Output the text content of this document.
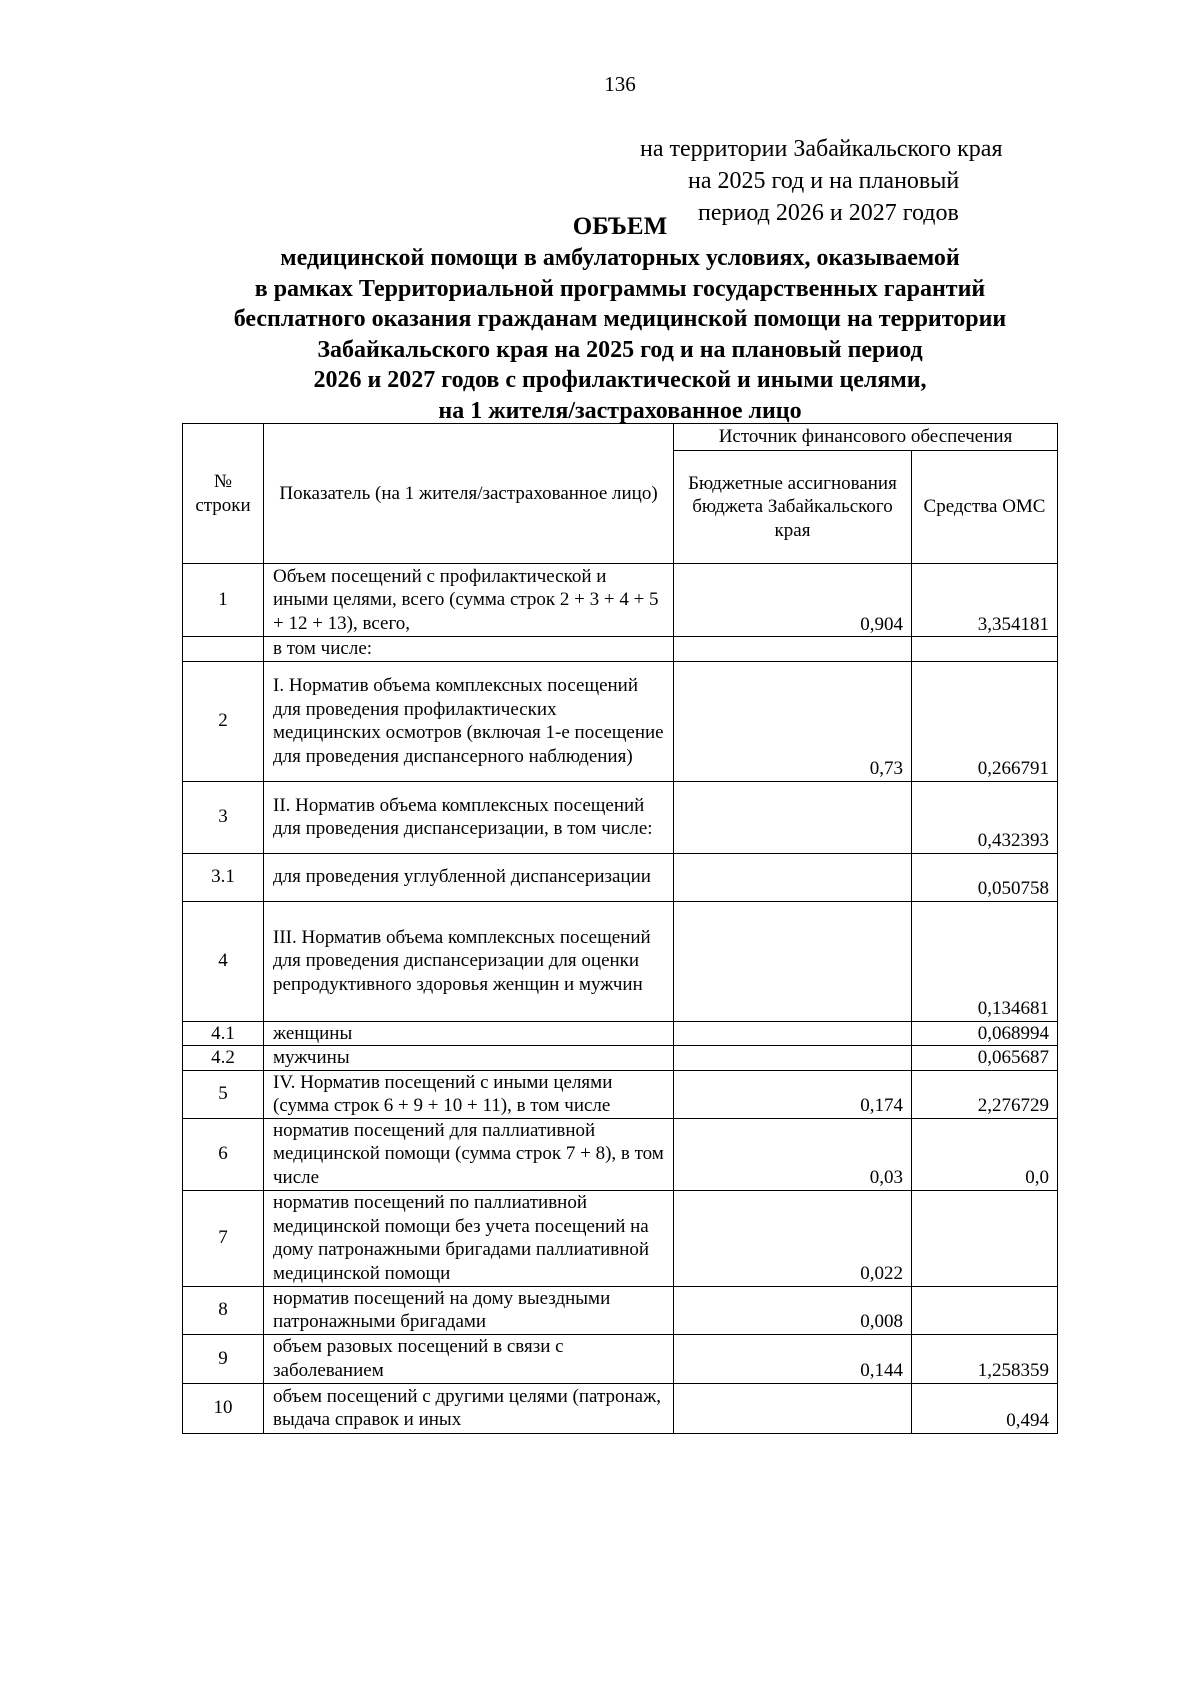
136
на территории Забайкальского края
на 2025 год и на плановый
период 2026 и 2027 годов
ОБЪЕМ
медицинской помощи в амбулаторных условиях, оказываемой
в рамках Территориальной программы государственных гарантий
бесплатного оказания гражданам медицинской помощи на территории
Забайкальского края на 2025 год и на плановый период
2026 и 2027 годов с профилактической и иными целями,
на 1 жителя/застрахованное лицо
№ строки	Показатель (на 1 жителя/застрахованное лицо)	Источник финансового обеспечения	
		Бюджетные ассигнования бюджета Забайкальского края	Средства ОМС
1	Объем посещений с профилактической и иными целями, всего (сумма строк 2 + 3 + 4 + 5 + 12 + 13), всего,	0,904	3,354181
	в том числе:		
2	I. Норматив объема комплексных посещений для проведения профилактических медицинских осмотров (включая 1-е посещение для проведения диспансерного наблюдения)	0,73	0,266791
3	II. Норматив объема комплексных посещений для проведения диспансеризации, в том числе:		0,432393
3.1	для проведения углубленной диспансеризации		0,050758
4	III. Норматив объема комплексных посещений для проведения диспансеризации для оценки репродуктивного здоровья женщин и мужчин		0,134681
4.1	женщины		0,068994
4.2	мужчины		0,065687
5	IV. Норматив посещений с иными целями (сумма строк 6 + 9 + 10 + 11), в том числе	0,174	2,276729
6	норматив посещений для паллиативной медицинской помощи (сумма строк 7 + 8), в том числе	0,03	0,0
7	норматив посещений по паллиативной медицинской помощи без учета посещений на дому патронажными бригадами паллиативной медицинской помощи	0,022	
8	норматив посещений на дому выездными патронажными бригадами	0,008	
9	объем разовых посещений в связи с заболеванием	0,144	1,258359
10	объем посещений с другими целями (патронаж, выдача справок и иных		0,494
